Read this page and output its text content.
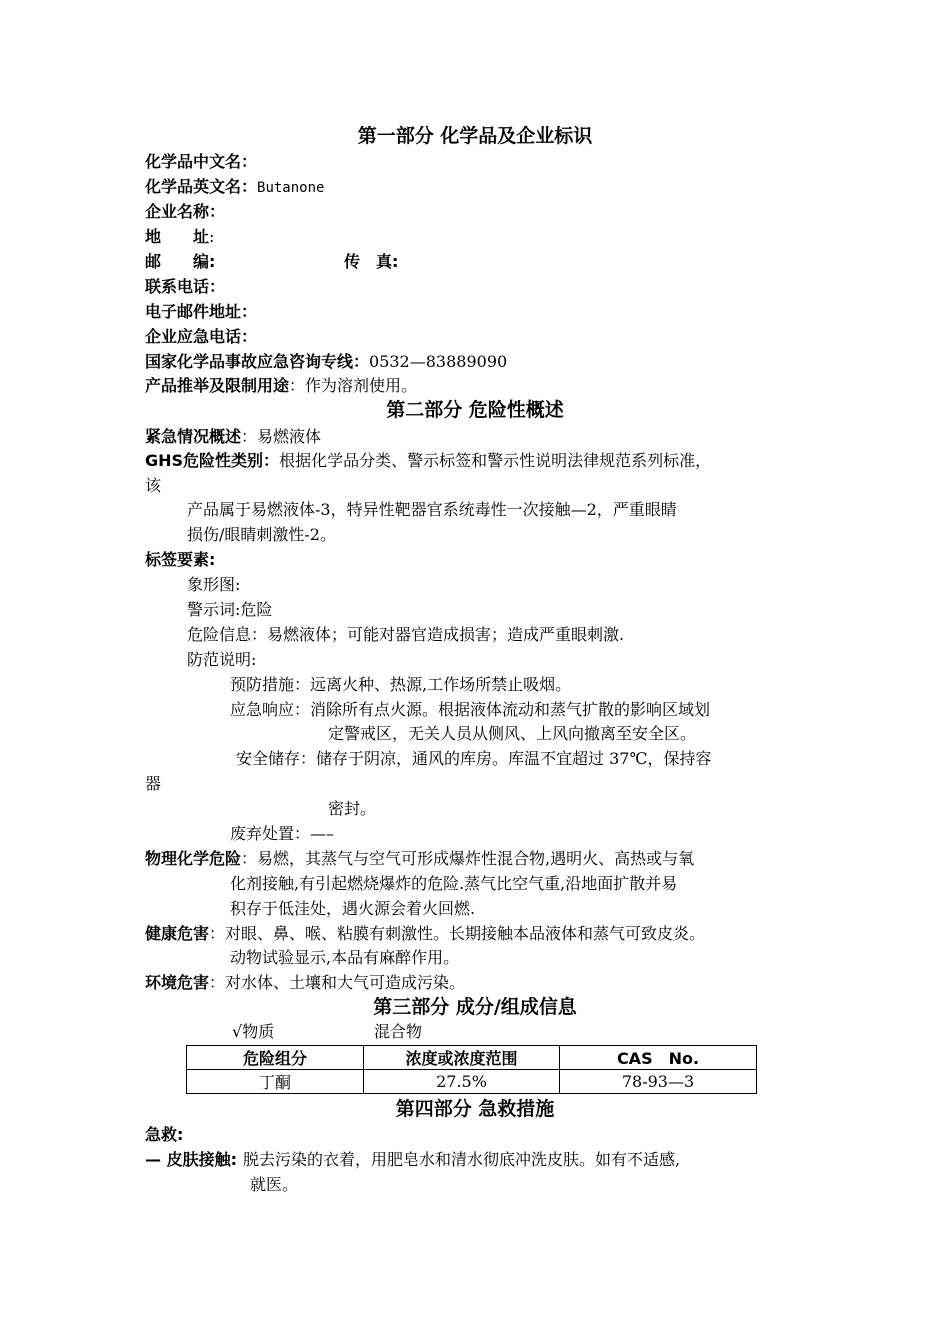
第一部分 化学品及企业标识
化学品中文名：
化学品英文名：Butanone
企业名称：
地　　址:
邮　　编:	传　真:
联系电话：
电子邮件地址：
企业应急电话：
国家化学品事故应急咨询专线：0532—83889090
产品推举及限制用途：作为溶剂使用。
第二部分 危险性概述
紧急情况概述：易燃液体
GHS危险性类别：根据化学品分类、警示标签和警示性说明法律规范系列标准，
该
产品属于易燃液体-3，特异性靶器官系统毒性一次接触—2，严重眼睛
损伤/眼睛刺激性-2。
标签要素:
象形图:
警示词:危险
危险信息：易燃液体；可能对器官造成损害；造成严重眼刺激.
防范说明:
预防措施：远离火种、热源,工作场所禁止吸烟。
应急响应：消除所有点火源。根据液体流动和蒸气扩散的影响区域划
定警戒区，无关人员从侧风、上风向撤离至安全区。
安全储存：储存于阴凉，通风的库房。库温不宜超过 37℃，保持容
器
密封。
废弃处置：—–
物理化学危险：易燃，其蒸气与空气可形成爆炸性混合物,遇明火、高热或与氧
化剂接触,有引起燃烧爆炸的危险.蒸气比空气重,沿地面扩散并易
积存于低洼处，遇火源会着火回燃.
健康危害：对眼、鼻、喉、粘膜有刺激性。长期接触本品液体和蒸气可致皮炎。
动物试验显示,本品有麻醉作用。
环境危害：对水体、土壤和大气可造成污染。
第三部分 成分/组成信息
√物质	混合物
危险组分	浓度或浓度范围	CAS　No.
丁酮	27.5%	78-93—3
第四部分 急救措施
急救:
— 皮肤接触: 脱去污染的衣着，用肥皂水和清水彻底冲洗皮肤。如有不适感,
就医。
